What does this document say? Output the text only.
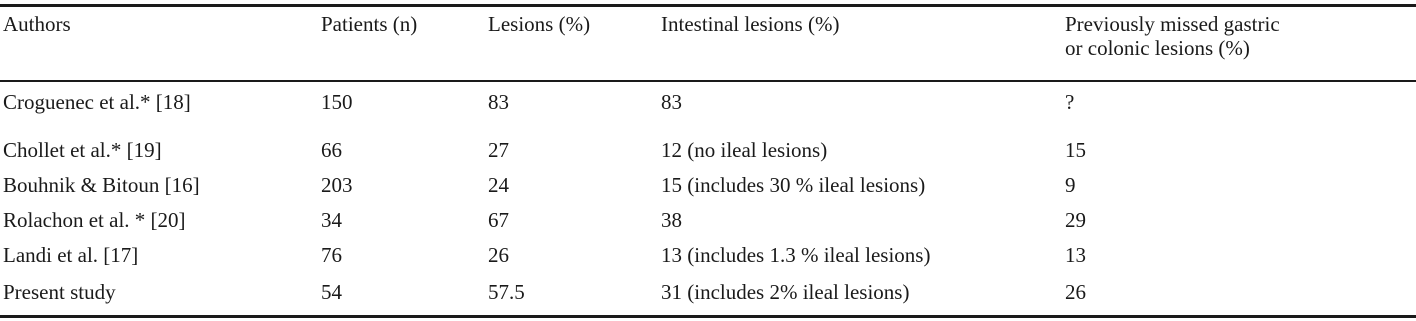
Authors	Patients (n)	Lesions (%)	Intestinal lesions (%)	Previously missed gastric
or colonic lesions (%)
Croguenec et al.* [18]	150	83	83	?
Chollet et al.* [19]	66	27	12 (no ileal lesions)	15
Bouhnik & Bitoun [16]	203	24	15 (includes 30 % ileal lesions)	9
Rolachon et al. * [20]	34	67	38	29
Landi et al. [17]	76	26	13 (includes 1.3 % ileal lesions)	13
Present study	54	57.5	31 (includes 2% ileal lesions)	26
